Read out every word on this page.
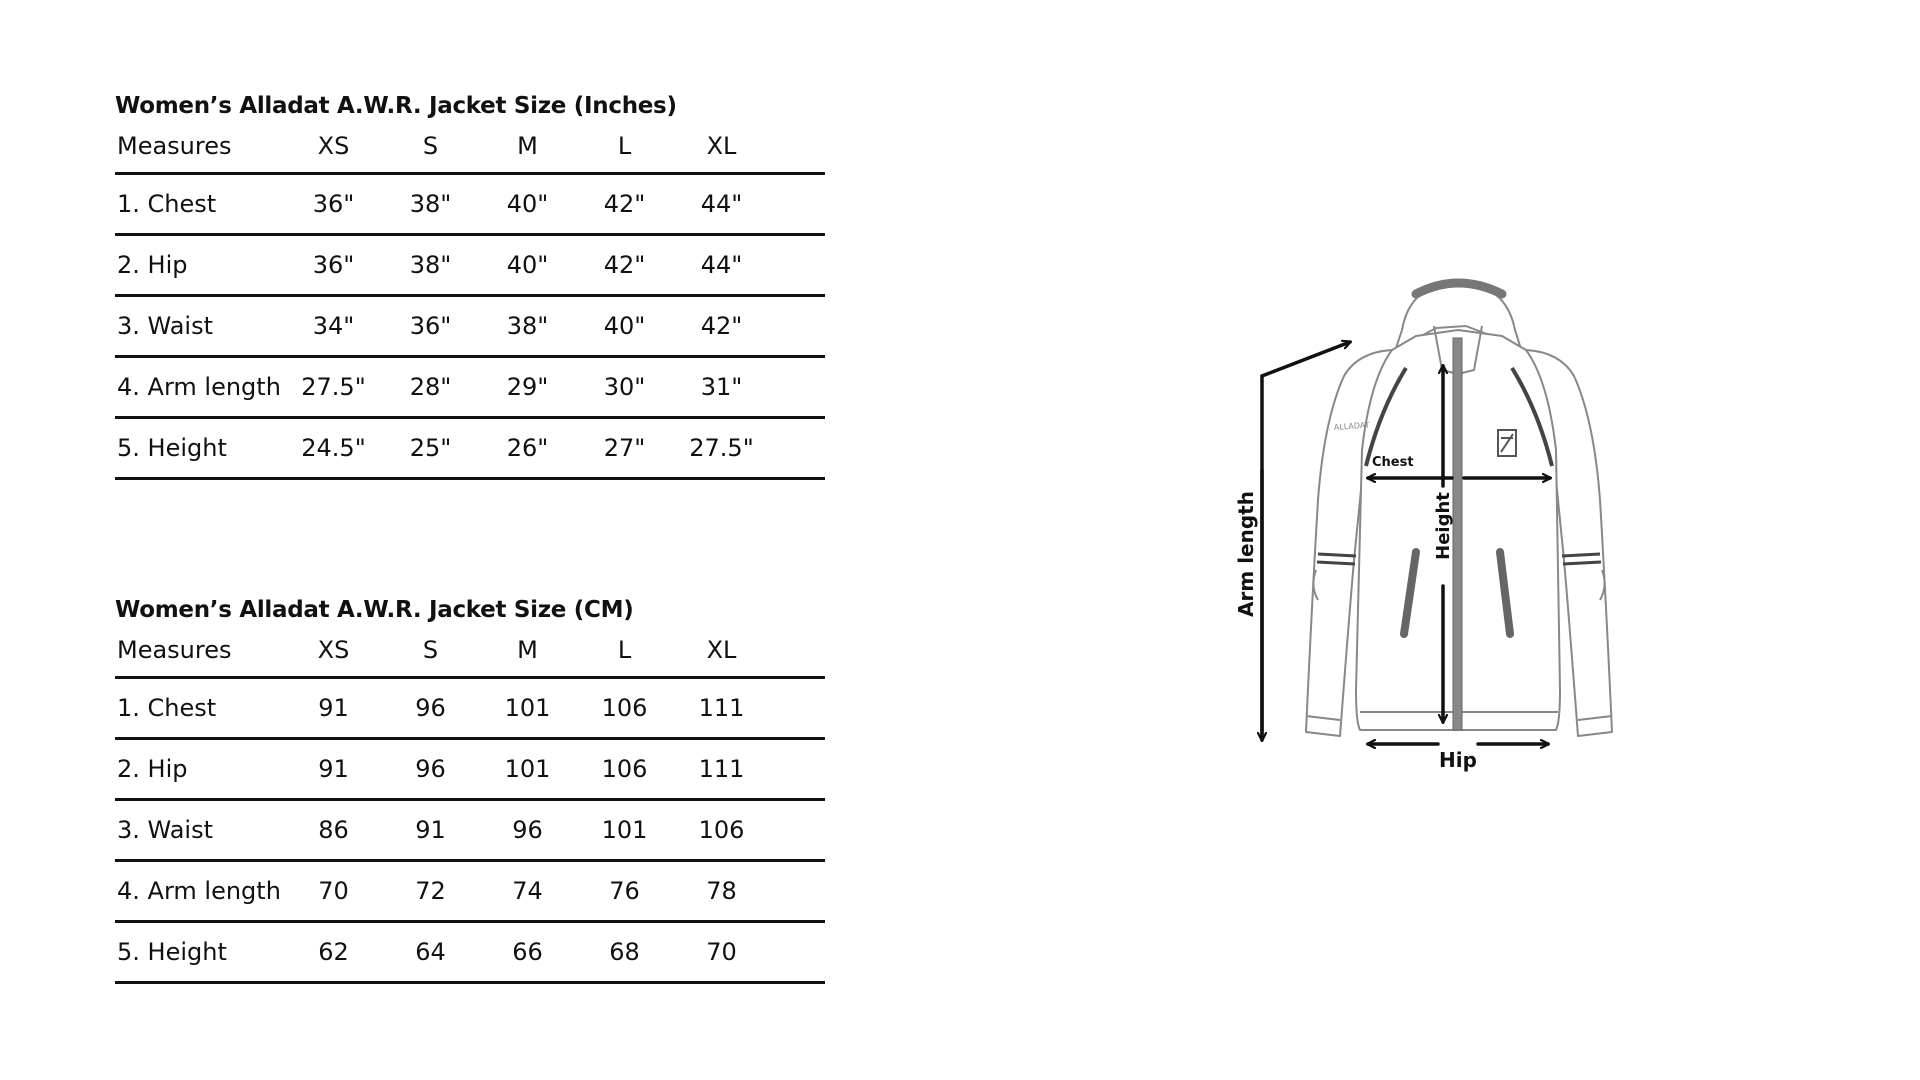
Women’s Alladat A.W.R. Jacket Size (Inches)
Measures	XS	S	M	L	XL	
1. Chest	36"	38"	40"	42"	44"	
2. Hip	36"	38"	40"	42"	44"	
3. Waist	34"	36"	38"	40"	42"	
4. Arm length	27.5"	28"	29"	30"	31"	
5. Height	24.5"	25"	26"	27"	27.5"	
Women’s Alladat A.W.R. Jacket Size (CM)
Measures	XS	S	M	L	XL	
1. Chest	91	96	101	106	111	
2. Hip	91	96	101	106	111	
3. Waist	86	91	96	101	106	
4. Arm length	70	72	74	76	78	
5. Height	62	64	66	68	70	
ALLADAT
Chest
Height
Arm length
Hip
